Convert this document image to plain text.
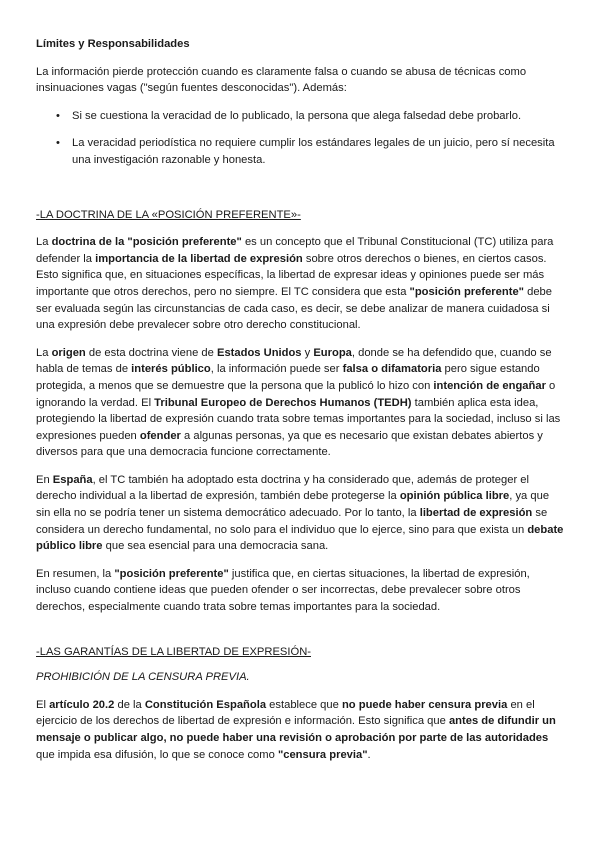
Límites y Responsabilidades

La información pierde protección cuando es claramente falsa o cuando se abusa de técnicas como insinuaciones vagas ("según fuentes desconocidas"). Además:

• Si se cuestiona la veracidad de lo publicado, la persona que alega falsedad debe probarlo.
• La veracidad periodística no requiere cumplir los estándares legales de un juicio, pero sí necesita una investigación razonable y honesta.

-LA DOCTRINA DE LA «POSICIÓN PREFERENTE»-

La doctrina de la "posición preferente" es un concepto que el Tribunal Constitucional (TC) utiliza para defender la importancia de la libertad de expresión sobre otros derechos o bienes, en ciertos casos. Esto significa que, en situaciones específicas, la libertad de expresar ideas y opiniones puede ser más importante que otros derechos, pero no siempre. El TC considera que esta "posición preferente" debe ser evaluada según las circunstancias de cada caso, es decir, se debe analizar de manera cuidadosa si una expresión debe prevalecer sobre otro derecho constitucional.

La origen de esta doctrina viene de Estados Unidos y Europa, donde se ha defendido que, cuando se habla de temas de interés público, la información puede ser falsa o difamatoria pero sigue estando protegida, a menos que se demuestre que la persona que la publicó lo hizo con intención de engañar o ignorando la verdad. El Tribunal Europeo de Derechos Humanos (TEDH) también aplica esta idea, protegiendo la libertad de expresión cuando trata sobre temas importantes para la sociedad, incluso si las expresiones pueden ofender a algunas personas, ya que es necesario que existan debates abiertos y diversos para que una democracia funcione correctamente.

En España, el TC también ha adoptado esta doctrina y ha considerado que, además de proteger el derecho individual a la libertad de expresión, también debe protegerse la opinión pública libre, ya que sin ella no se podría tener un sistema democrático adecuado. Por lo tanto, la libertad de expresión se considera un derecho fundamental, no solo para el individuo que lo ejerce, sino para que exista un debate público libre que sea esencial para una democracia sana.

En resumen, la "posición preferente" justifica que, en ciertas situaciones, la libertad de expresión, incluso cuando contiene ideas que pueden ofender o ser incorrectas, debe prevalecer sobre otros derechos, especialmente cuando trata sobre temas importantes para la sociedad.

-LAS GARANTÍAS DE LA LIBERTAD DE EXPRESIÓN-

PROHIBICIÓN DE LA CENSURA PREVIA.

El artículo 20.2 de la Constitución Española establece que no puede haber censura previa en el ejercicio de los derechos de libertad de expresión e información. Esto significa que antes de difundir un mensaje o publicar algo, no puede haber una revisión o aprobación por parte de las autoridades que impida esa difusión, lo que se conoce como "censura previa".
